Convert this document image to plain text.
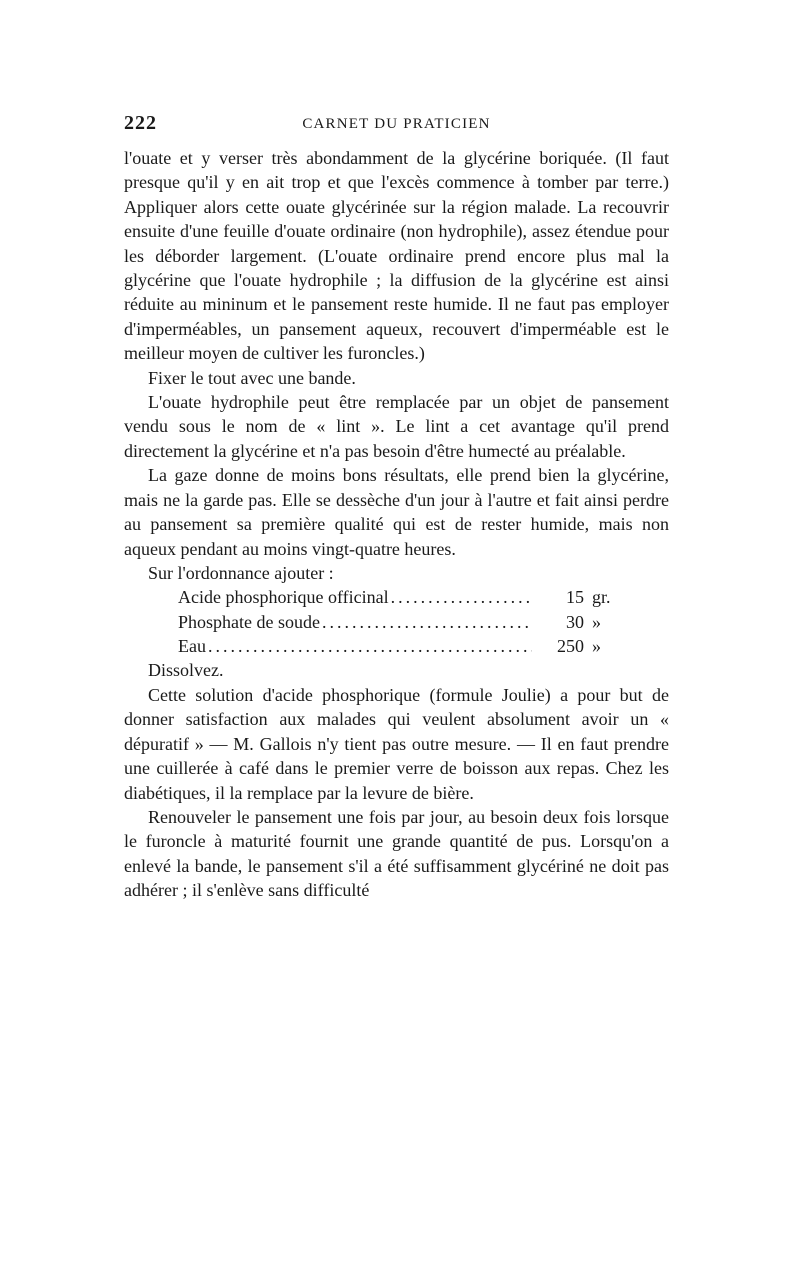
222	CARNET DU PRATICIEN

l'ouate et y verser très abondamment de la glycérine boriquée. (Il faut presque qu'il y en ait trop et que l'excès commence à tomber par terre.) Appliquer alors cette ouate glycérinée sur la région malade. La recouvrir ensuite d'une feuille d'ouate ordinaire (non hydrophile), assez étendue pour les déborder largement. (L'ouate ordinaire prend encore plus mal la glycérine que l'ouate hydrophile ; la diffusion de la glycérine est ainsi réduite au mininum et le pansement reste humide. Il ne faut pas employer d'imperméables, un pansement aqueux, recouvert d'imperméable est le meilleur moyen de cultiver les furoncles.)

Fixer le tout avec une bande.

L'ouate hydrophile peut être remplacée par un objet de pansement vendu sous le nom de « lint ». Le lint a cet avantage qu'il prend directement la glycérine et n'a pas besoin d'être humecté au préalable.

La gaze donne de moins bons résultats, elle prend bien la glycérine, mais ne la garde pas. Elle se dessèche d'un jour à l'autre et fait ainsi perdre au pansement sa première qualité qui est de rester humide, mais non aqueux pendant au moins vingt-quatre heures.

Sur l'ordonnance ajouter :

Acide phosphorique officinal .....	15 gr.
Phosphate de soude .....	30 »
Eau .....	250 »

Dissolvez.

Cette solution d'acide phosphorique (formule Joulie) a pour but de donner satisfaction aux malades qui veulent absolument avoir un « dépuratif » — M. Gallois n'y tient pas outre mesure. — Il en faut prendre une cuillerée à café dans le premier verre de boisson aux repas. Chez les diabétiques, il la remplace par la levure de bière.

Renouveler le pansement une fois par jour, au besoin deux fois lorsque le furoncle à maturité fournit une grande quantité de pus. Lorsqu'on a enlevé la bande, le pansement s'il a été suffisamment glycériné ne doit pas adhérer ; il s'enlève sans difficulté
